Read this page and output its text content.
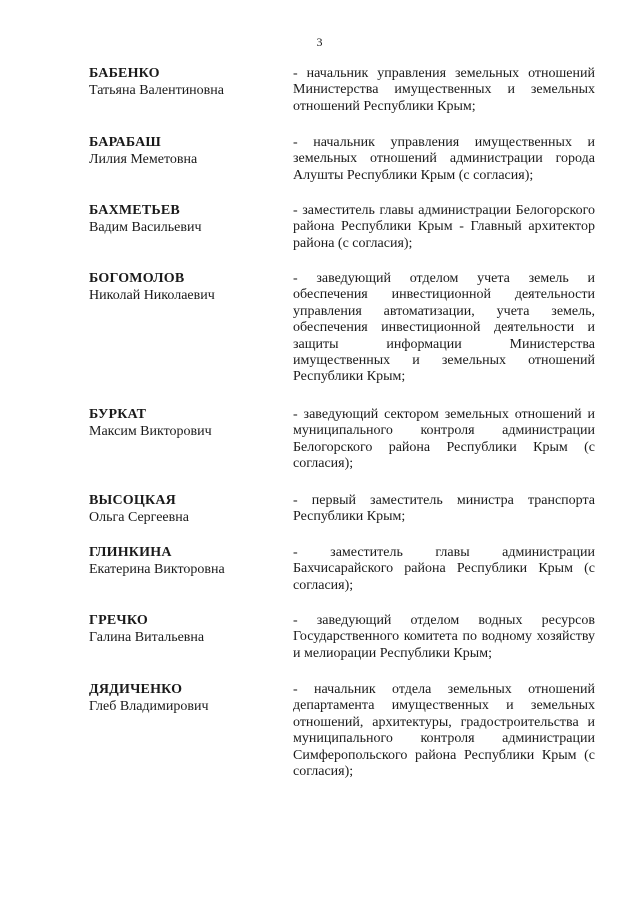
3
БАБЕНКО
Татьяна Валентиновна
- начальник управления земельных отношений Министерства имущественных и земельных отношений Республики Крым;
БАРАБАШ
Лилия Меметовна
- начальник управления имущественных и земельных отношений администрации города Алушты Республики Крым (с согласия);
БАХМЕТЬЕВ
Вадим Васильевич
- заместитель главы администрации Белогорского района Республики Крым - Главный архитектор района (с согласия);
БОГОМОЛОВ
Николай Николаевич
- заведующий отделом учета земель и обеспечения инвестиционной деятельности управления автоматизации, учета земель, обеспечения инвестиционной деятельности и защиты информации Министерства имущественных и земельных отношений Республики Крым;
БУРКАТ
Максим Викторович
- заведующий сектором земельных отношений и муниципального контроля администрации Белогорского района Республики Крым (с согласия);
ВЫСОЦКАЯ
Ольга Сергеевна
- первый заместитель министра транспорта Республики Крым;
ГЛИНКИНА
Екатерина Викторовна
- заместитель главы администрации Бахчисарайского района Республики Крым (с согласия);
ГРЕЧКО
Галина Витальевна
- заведующий отделом водных ресурсов Государственного комитета по водному хозяйству и мелиорации Республики Крым;
ДЯДИЧЕНКО
Глеб Владимирович
- начальник отдела земельных отношений департамента имущественных и земельных отношений, архитектуры, градостроительства и муниципального контроля администрации Симферопольского района Республики Крым (с согласия);
